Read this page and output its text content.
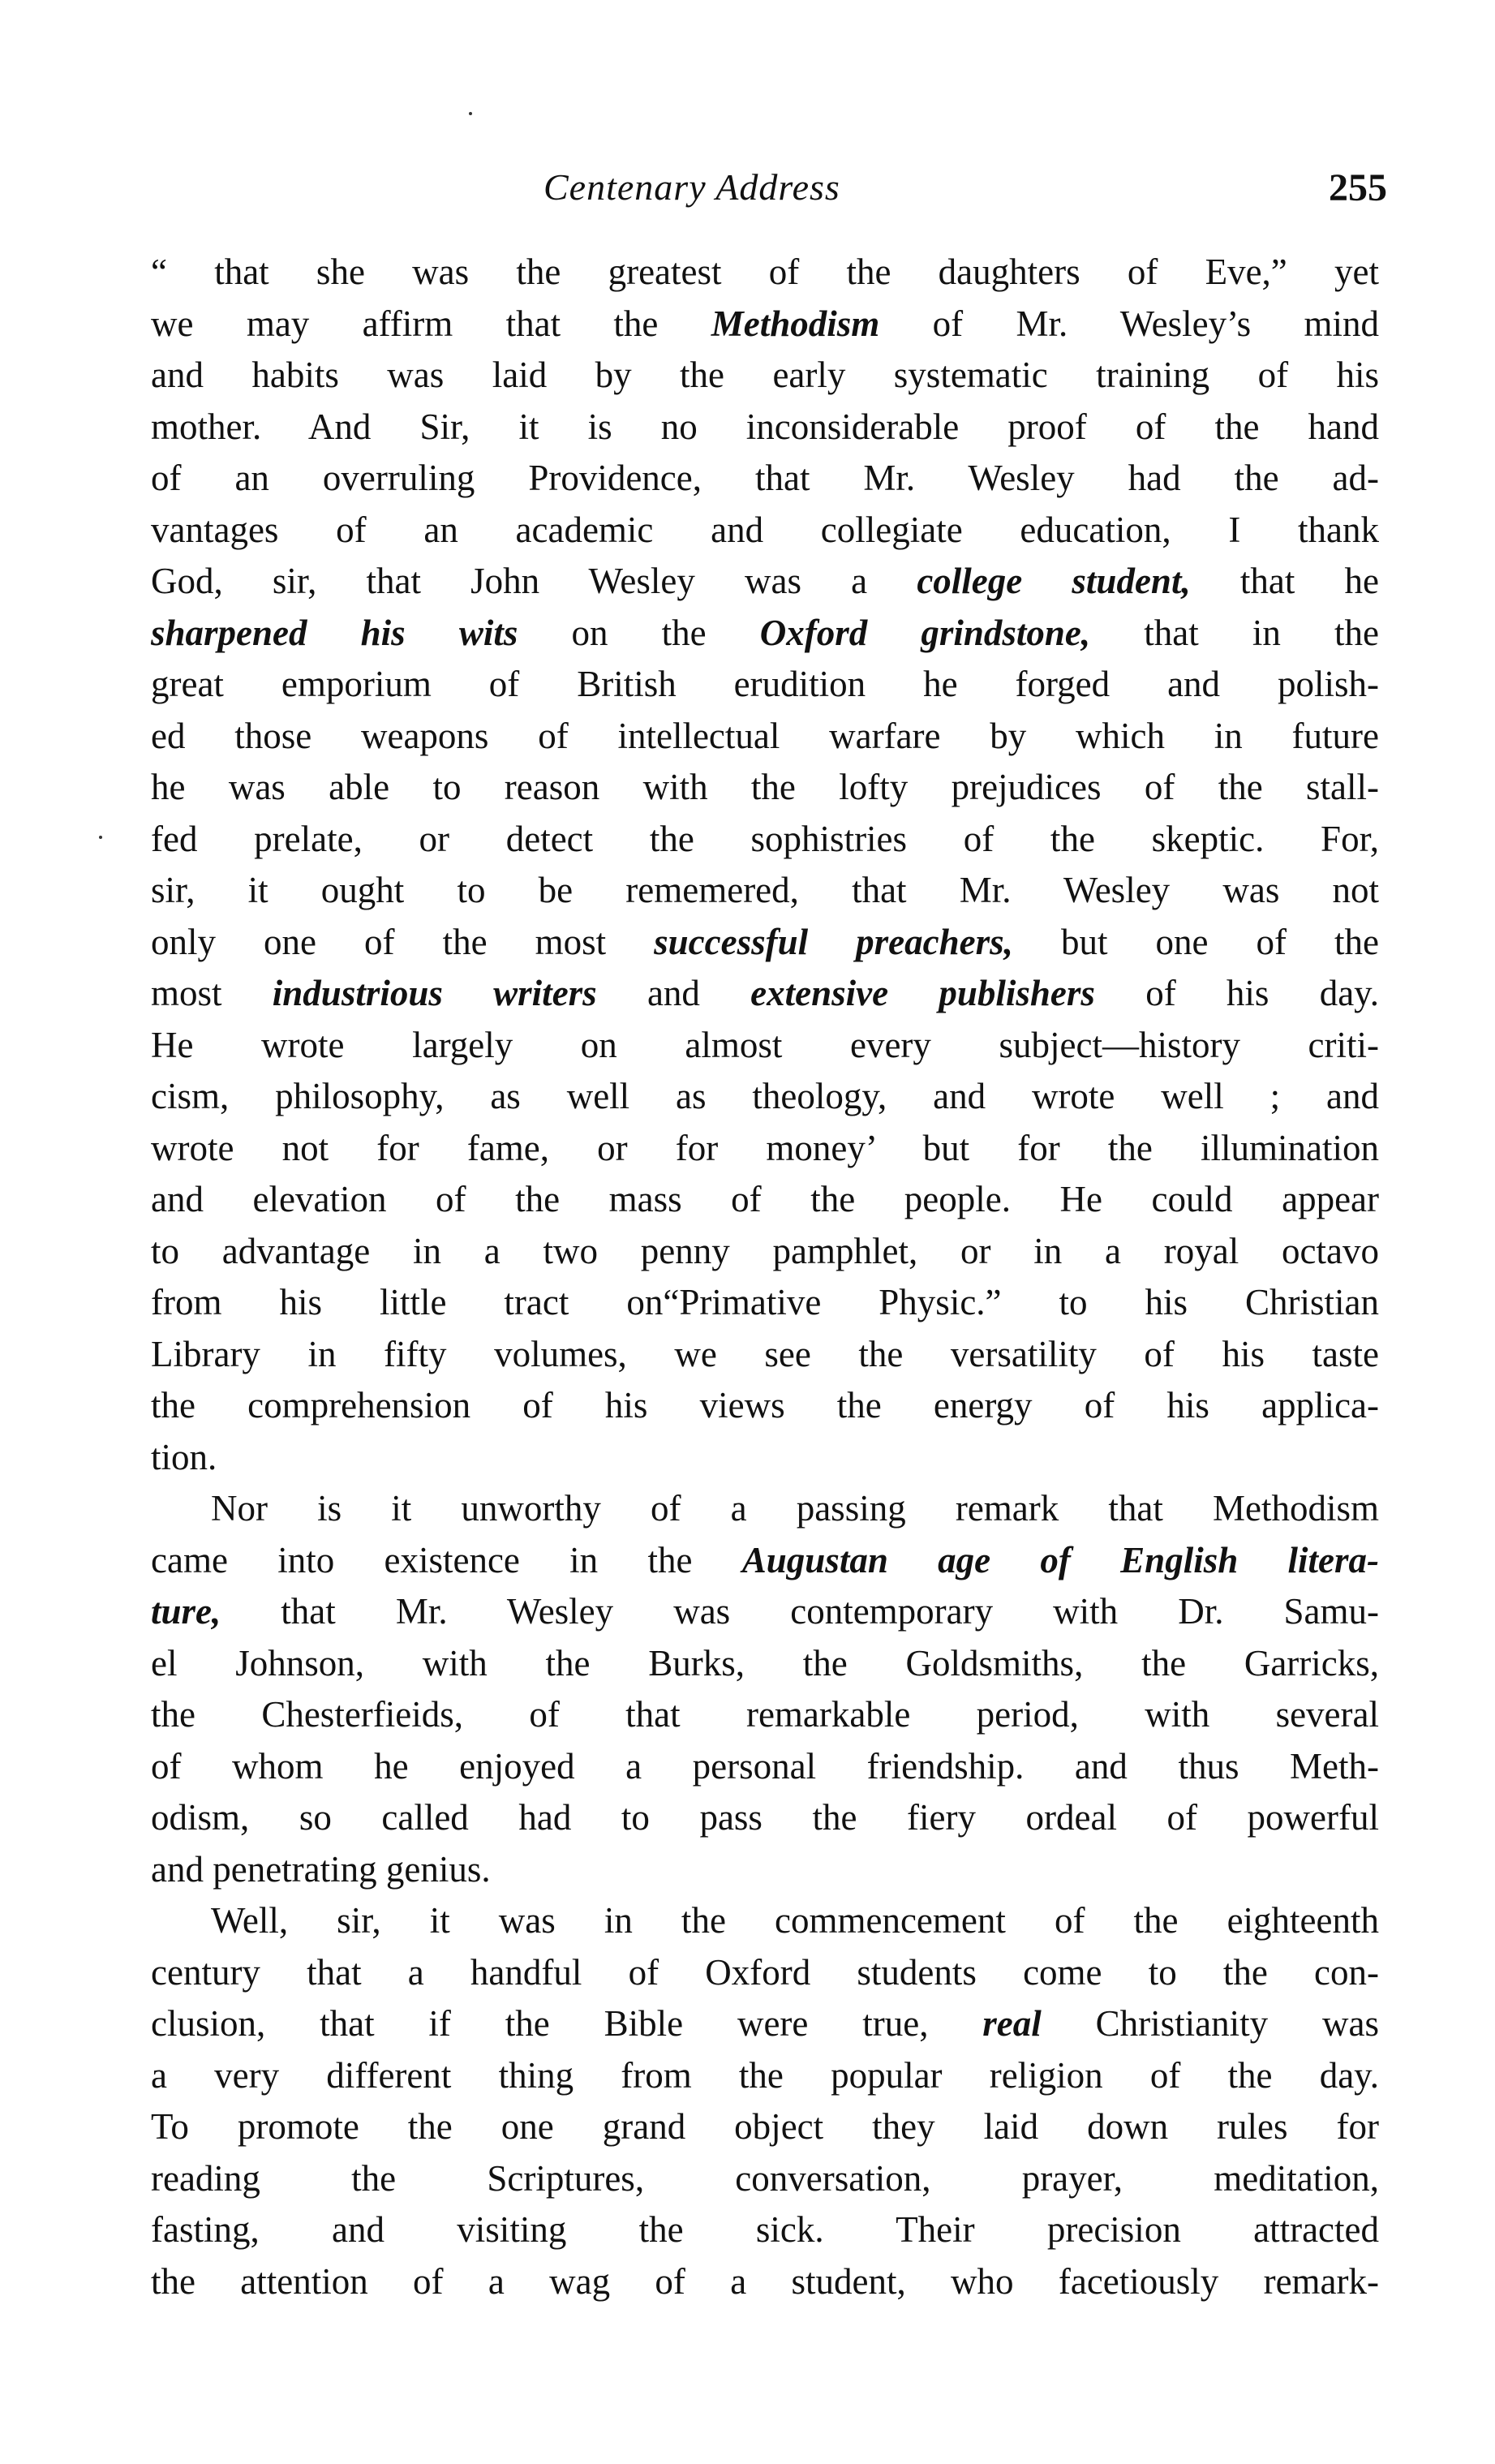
Centenary Address	255
“ that she was the greatest of the daughters of Eve,” yet
we may affirm that the Methodism of Mr. Wesley’s mind
and habits was laid by the early systematic training of his
mother. And Sir, it is no inconsiderable proof of the hand
of an overruling Providence, that Mr. Wesley had the ad-
vantages of an academic and collegiate education, I thank
God, sir, that John Wesley was a college student, that he
sharpened his wits on the Oxford grindstone, that in the
great emporium of British erudition he forged and polish-
ed those weapons of intellectual warfare by which in future
he was able to reason with the lofty prejudices of the stall-
fed prelate, or detect the sophistries of the skeptic. For,
sir, it ought to be rememered, that Mr. Wesley was not
only one of the most successful preachers, but one of the
most industrious writers and extensive publishers of his day.
He wrote largely on almost every subject—history criti-
cism, philosophy, as well as theology, and wrote well ; and
wrote not for fame, or for money’ but for the illumination
and elevation of the mass of the people. He could appear
to advantage in a two penny pamphlet, or in a royal octavo
from his little tract on“Primative Physic.” to his Christian
Library in fifty volumes, we see the versatility of his taste
the comprehension of his views the energy of his applica-
tion.
Nor is it unworthy of a passing remark that Methodism
came into existence in the Augustan age of English litera-
ture, that Mr. Wesley was contemporary with Dr. Samu-
el Johnson, with the Burks, the Goldsmiths, the Garricks,
the Chesterfieids, of that remarkable period, with several
of whom he enjoyed a personal friendship. and thus Meth-
odism, so called had to pass the fiery ordeal of powerful
and penetrating genius.
Well, sir, it was in the commencement of the eighteenth
century that a handful of Oxford students come to the con-
clusion, that if the Bible were true, real Christianity was
a very different thing from the popular religion of the day.
To promote the one grand object they laid down rules for
reading the Scriptures, conversation, prayer, meditation,
fasting, and visiting the sick. Their precision attracted
the attention of a wag of a student, who facetiously remark-
